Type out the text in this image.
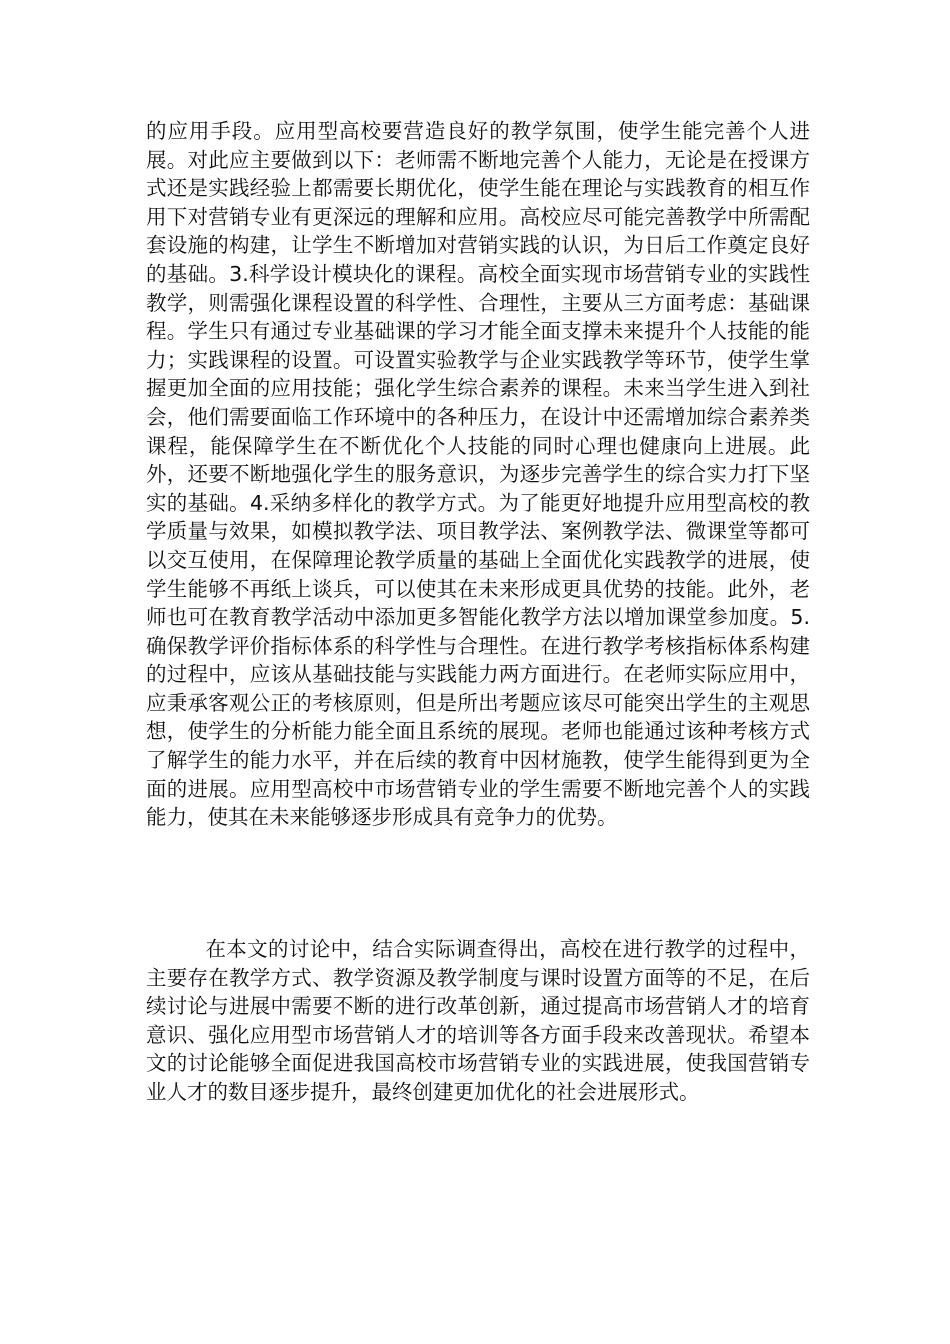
的应用手段。应用型高校要营造良好的教学氛围，使学生能完善个人进展。对此应主要做到以下：老师需不断地完善个人能力，无论是在授课方式还是实践经验上都需要长期优化，使学生能在理论与实践教育的相互作用下对营销专业有更深远的理解和应用。高校应尽可能完善教学中所需配套设施的构建，让学生不断增加对营销实践的认识，为日后工作奠定良好的基础。3.科学设计模块化的课程。高校全面实现市场营销专业的实践性教学，则需强化课程设置的科学性、合理性，主要从三方面考虑：基础课程。学生只有通过专业基础课的学习才能全面支撑未来提升个人技能的能力；实践课程的设置。可设置实验教学与企业实践教学等环节，使学生掌握更加全面的应用技能；强化学生综合素养的课程。未来当学生进入到社会，他们需要面临工作环境中的各种压力，在设计中还需增加综合素养类课程，能保障学生在不断优化个人技能的同时心理也健康向上进展。此外，还要不断地强化学生的服务意识，为逐步完善学生的综合实力打下坚实的基础。4.采纳多样化的教学方式。为了能更好地提升应用型高校的教学质量与效果，如模拟教学法、项目教学法、案例教学法、微课堂等都可以交互使用，在保障理论教学质量的基础上全面优化实践教学的进展，使学生能够不再纸上谈兵，可以使其在未来形成更具优势的技能。此外，老师也可在教育教学活动中添加更多智能化教学方法以增加课堂参加度。5.确保教学评价指标体系的科学性与合理性。在进行教学考核指标体系构建的过程中，应该从基础技能与实践能力两方面进行。在老师实际应用中，应秉承客观公正的考核原则，但是所出考题应该尽可能突出学生的主观思想，使学生的分析能力能全面且系统的展现。老师也能通过该种考核方式了解学生的能力水平，并在后续的教育中因材施教，使学生能得到更为全面的进展。应用型高校中市场营销专业的学生需要不断地完善个人的实践能力，使其在未来能够逐步形成具有竞争力的优势。

在本文的讨论中，结合实际调查得出，高校在进行教学的过程中，主要存在教学方式、教学资源及教学制度与课时设置方面等的不足，在后续讨论与进展中需要不断的进行改革创新，通过提高市场营销人才的培育意识、强化应用型市场营销人才的培训等各方面手段来改善现状。希望本文的讨论能够全面促进我国高校市场营销专业的实践进展，使我国营销专业人才的数目逐步提升，最终创建更加优化的社会进展形式。
